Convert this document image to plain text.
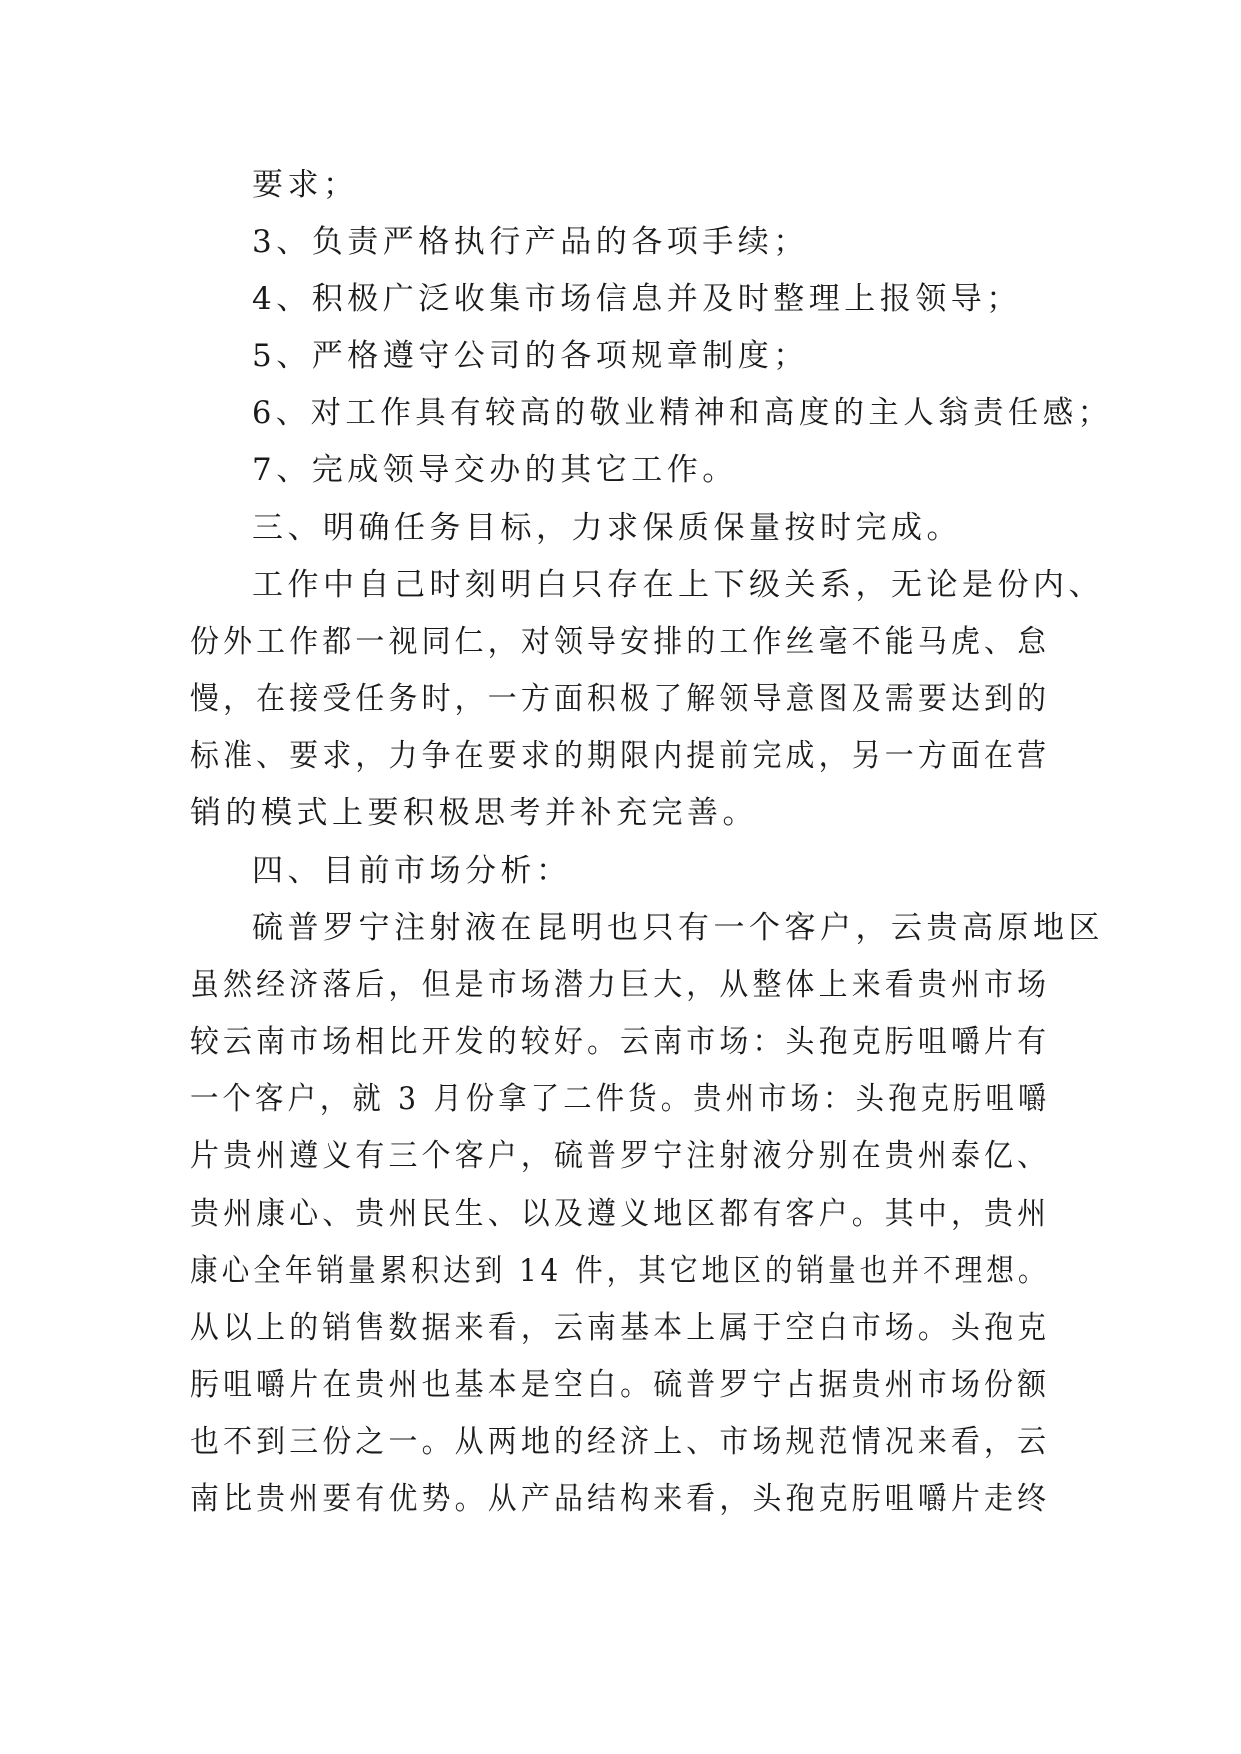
要求；
3、负责严格执行产品的各项手续；
4、积极广泛收集市场信息并及时整理上报领导；
5、严格遵守公司的各项规章制度；
6、对工作具有较高的敬业精神和高度的主人翁责任感；
7、完成领导交办的其它工作。
三、明确任务目标，力求保质保量按时完成。
工作中自己时刻明白只存在上下级关系，无论是份内、
份外工作都一视同仁，对领导安排的工作丝毫不能马虎、怠
慢，在接受任务时，一方面积极了解领导意图及需要达到的
标准、要求，力争在要求的期限内提前完成，另一方面在营
销的模式上要积极思考并补充完善。
四、目前市场分析：
硫普罗宁注射液在昆明也只有一个客户，云贵高原地区
虽然经济落后，但是市场潜力巨大，从整体上来看贵州市场
较云南市场相比开发的较好。云南市场：头孢克肟咀嚼片有
一个客户，就 3 月份拿了二件货。贵州市场：头孢克肟咀嚼
片贵州遵义有三个客户，硫普罗宁注射液分别在贵州泰亿、
贵州康心、贵州民生、以及遵义地区都有客户。其中，贵州
康心全年销量累积达到 14 件，其它地区的销量也并不理想。
从以上的销售数据来看，云南基本上属于空白市场。头孢克
肟咀嚼片在贵州也基本是空白。硫普罗宁占据贵州市场份额
也不到三份之一。从两地的经济上、市场规范情况来看，云
南比贵州要有优势。从产品结构来看，头孢克肟咀嚼片走终
